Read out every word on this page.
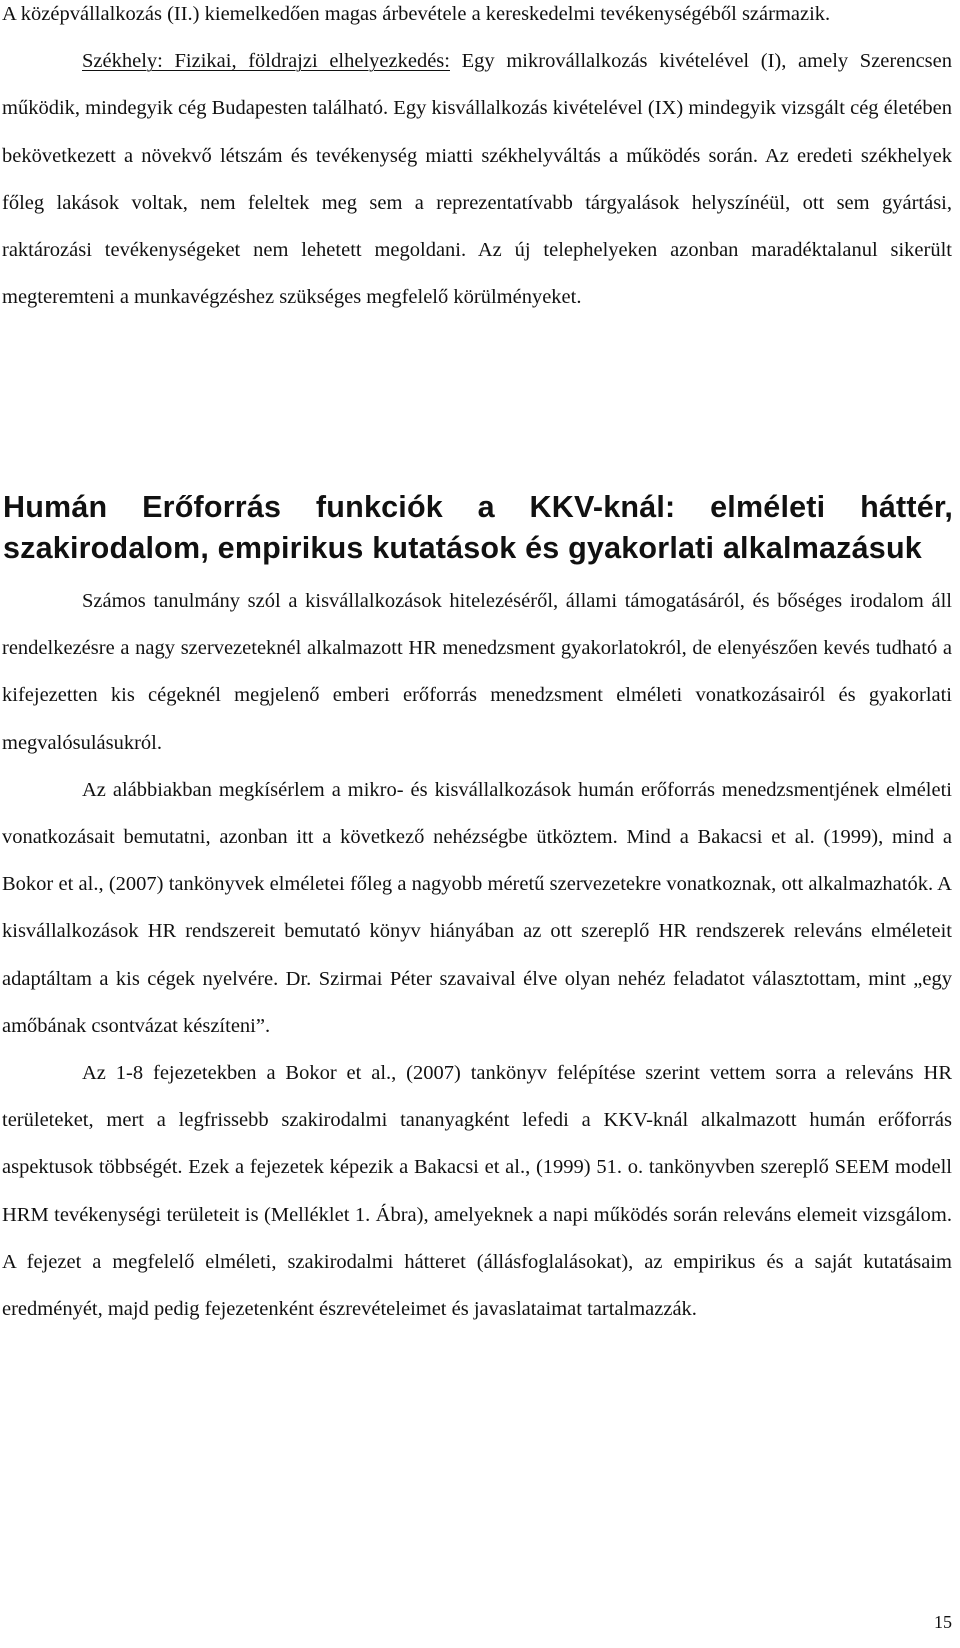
A középvállalkozás (II.) kiemelkedően magas árbevétele a kereskedelmi tevékenységéből származik.

Székhely: Fizikai, földrajzi elhelyezkedés: Egy mikrovállalkozás kivételével (I), amely Szerencsen működik, mindegyik cég Budapesten található. Egy kisvállalkozás kivételével (IX) mindegyik vizsgált cég életében bekövetkezett a növekvő létszám és tevékenység miatti székhelyváltás a működés során. Az eredeti székhelyek főleg lakások voltak, nem feleltek meg sem a reprezentatívabb tárgyalások helyszínéül, ott sem gyártási, raktározási tevékenységeket nem lehetett megoldani. Az új telephelyeken azonban maradéktalanul sikerült megteremteni a munkavégzéshez szükséges megfelelő körülményeket.

Humán Erőforrás funkciók a KKV-knál: elméleti háttér, szakirodalom, empirikus kutatások és gyakorlati alkalmazásuk

Számos tanulmány szól a kisvállalkozások hitelezéséről, állami támogatásáról, és bőséges irodalom áll rendelkezésre a nagy szervezeteknél alkalmazott HR menedzsment gyakorlatokról, de elenyészően kevés tudható a kifejezetten kis cégeknél megjelenő emberi erőforrás menedzsment elméleti vonatkozásairól és gyakorlati megvalósulásukról.

Az alábbiakban megkísérlem a mikro- és kisvállalkozások humán erőforrás menedzsmentjének elméleti vonatkozásait bemutatni, azonban itt a következő nehézségbe ütköztem. Mind a Bakacsi et al. (1999), mind a Bokor et al., (2007) tankönyvek elméletei főleg a nagyobb méretű szervezetekre vonatkoznak, ott alkalmazhatók. A kisvállalkozások HR rendszereit bemutató könyv hiányában az ott szereplő HR rendszerek releváns elméleteit adaptáltam a kis cégek nyelvére. Dr. Szirmai Péter szavaival élve olyan nehéz feladatot választottam, mint „egy amőbának csontvázat készíteni”.

Az 1-8 fejezetekben a Bokor et al., (2007) tankönyv felépítése szerint vettem sorra a releváns HR területeket, mert a legfrissebb szakirodalmi tananyagként lefedi a KKV-knál alkalmazott humán erőforrás aspektusok többségét. Ezek a fejezetek képezik a Bakacsi et al., (1999) 51. o. tankönyvben szereplő SEEM modell HRM tevékenységi területeit is (Melléklet 1. Ábra), amelyeknek a napi működés során releváns elemeit vizsgálom. A fejezet a megfelelő elméleti, szakirodalmi hátteret (állásfoglalásokat), az empirikus és a saját kutatásaim eredményét, majd pedig fejezetenként észrevételeimet és javaslataimat tartalmazzák.

15
